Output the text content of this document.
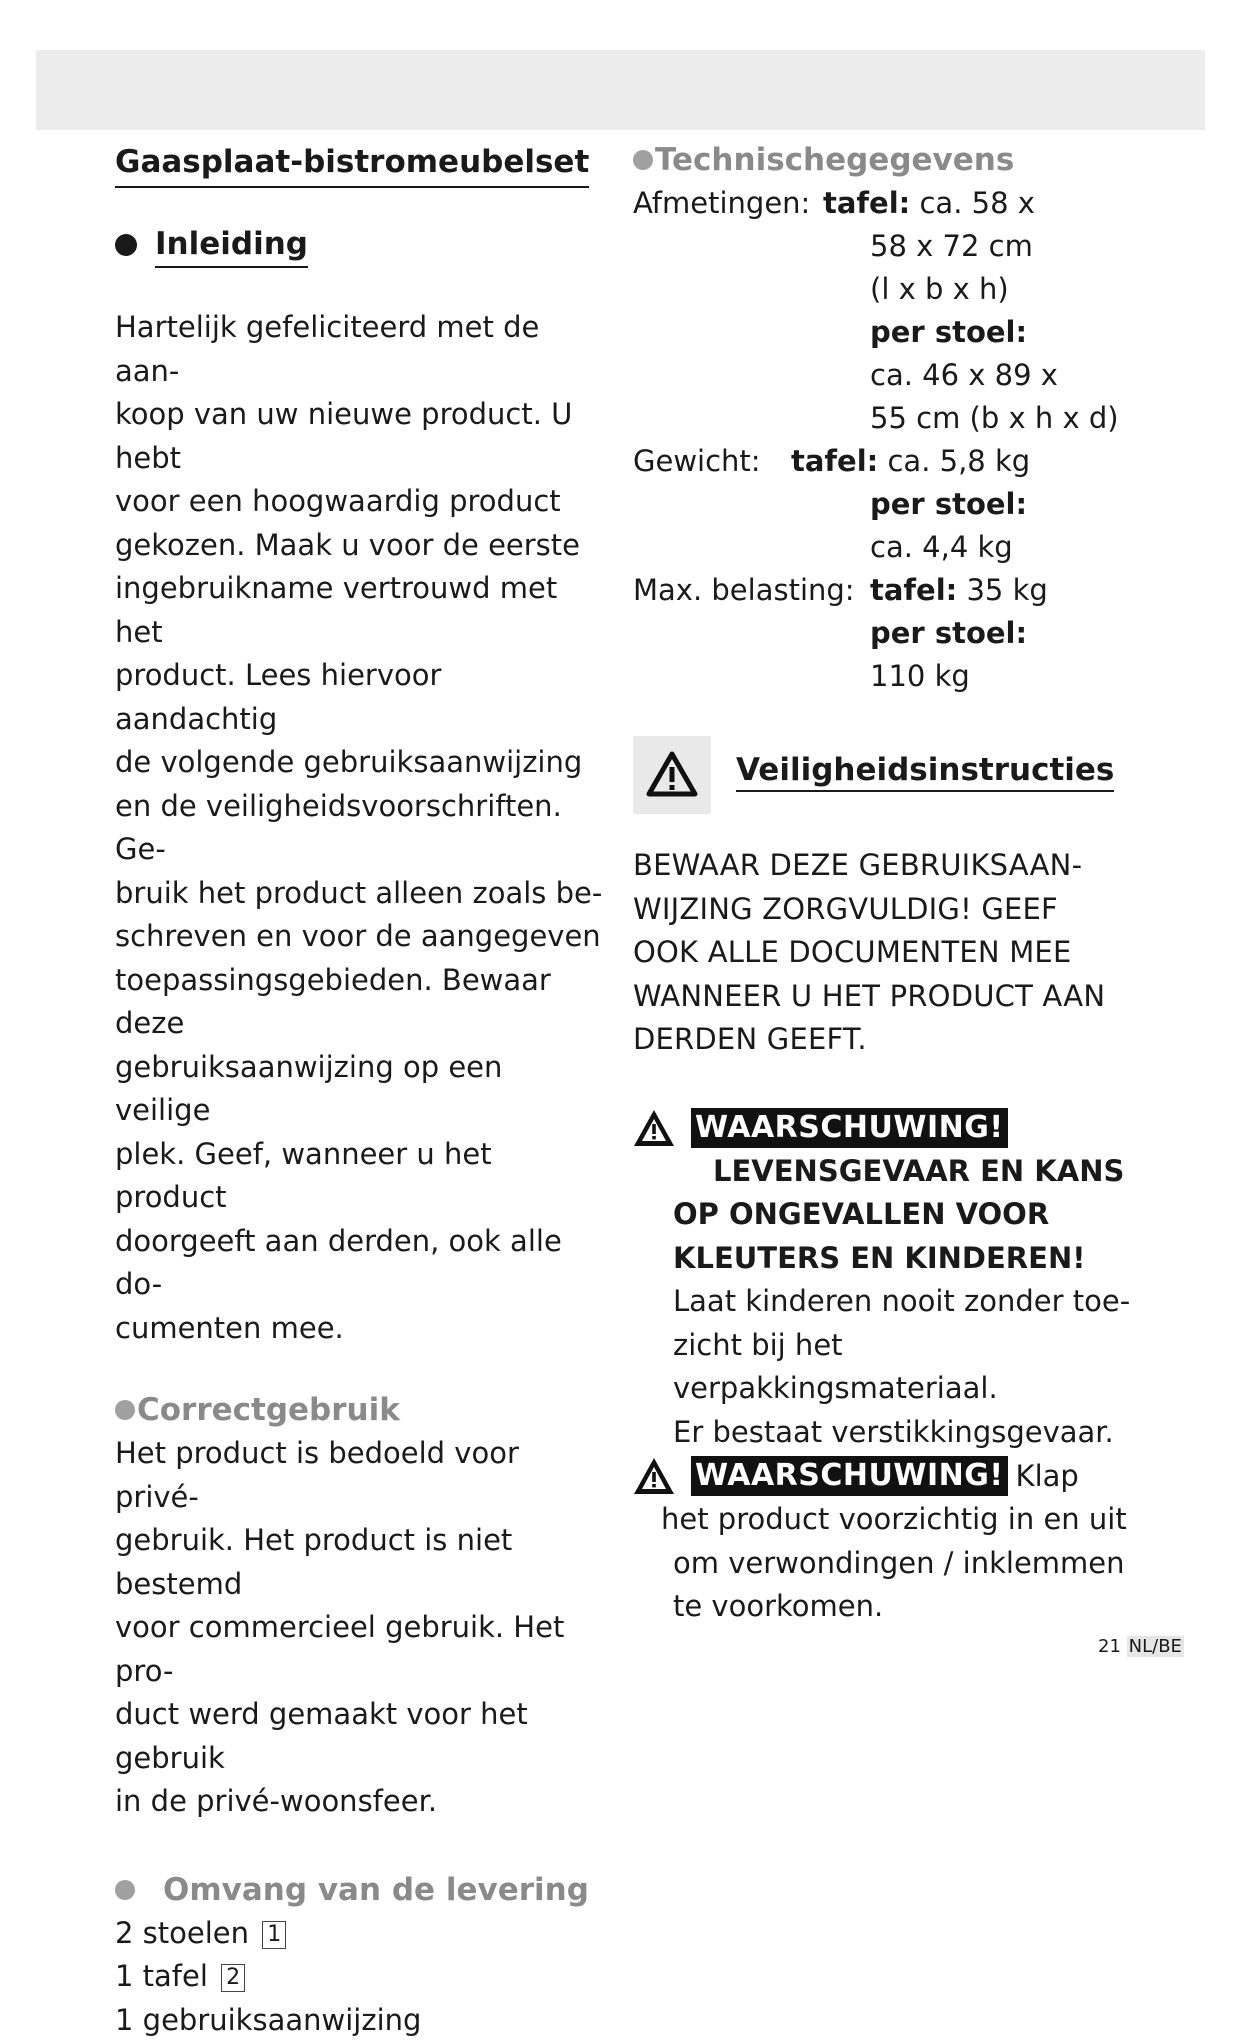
Gaasplaat-bistromeubelset
Inleiding

Hartelijk gefeliciteerd met de aan-

koop van uw nieuwe product. U hebt

voor een hoogwaardig product

gekozen. Maak u voor de eerste

ingebruikname vertrouwd met het

product. Lees hiervoor aandachtig

de volgende gebruiksaanwijzing

en de veiligheidsvoorschriften. Ge-

bruik het product alleen zoals be-

schreven en voor de aangegeven

toepassingsgebieden. Bewaar deze

gebruiksaanwijzing op een veilige

plek. Geef, wanneer u het product

doorgeeft aan derden, ook alle do-

cumenten mee.

Correctgebruik

Het product is bedoeld voor privé-

gebruik. Het product is niet bestemd

voor commercieel gebruik. Het pro-

duct werd gemaakt voor het gebruik

in de privé-woonsfeer.

Omvang van de levering

2 stoelen 1

1 tafel 2

1 gebruiksaanwijzing

Technischegegevens
Afmetingen: tafel: ca. 58 x
58 x 72 cm
(l x b x h)
per stoel:
ca. 46 x 89 x
55 cm (b x h x d)
Gewicht: tafel: ca. 5,8 kg
per stoel:
ca. 4,4 kg
Max. belasting: tafel: 35 kg
per stoel:
110 kg
Veiligheidsinstructies

BEWAAR DEZE GEBRUIKSAAN-

WIJZING ZORGVULDIG! GEEF

OOK ALLE DOCUMENTEN MEE

WANNEER U HET PRODUCT AAN

DERDEN GEEFT.

WAARSCHUWING!

LEVENSGEVAAR EN KANS

OP ONGEVALLEN VOOR

KLEUTERS EN KINDEREN!

Laat kinderen nooit zonder toe-

zicht bij het verpakkingsmateriaal.

Er bestaat verstikkingsgevaar.

WAARSCHUWING! Klap

het product voorzichtig in en uit

om verwondingen / inklemmen

te voorkomen.

21 NL/BE
